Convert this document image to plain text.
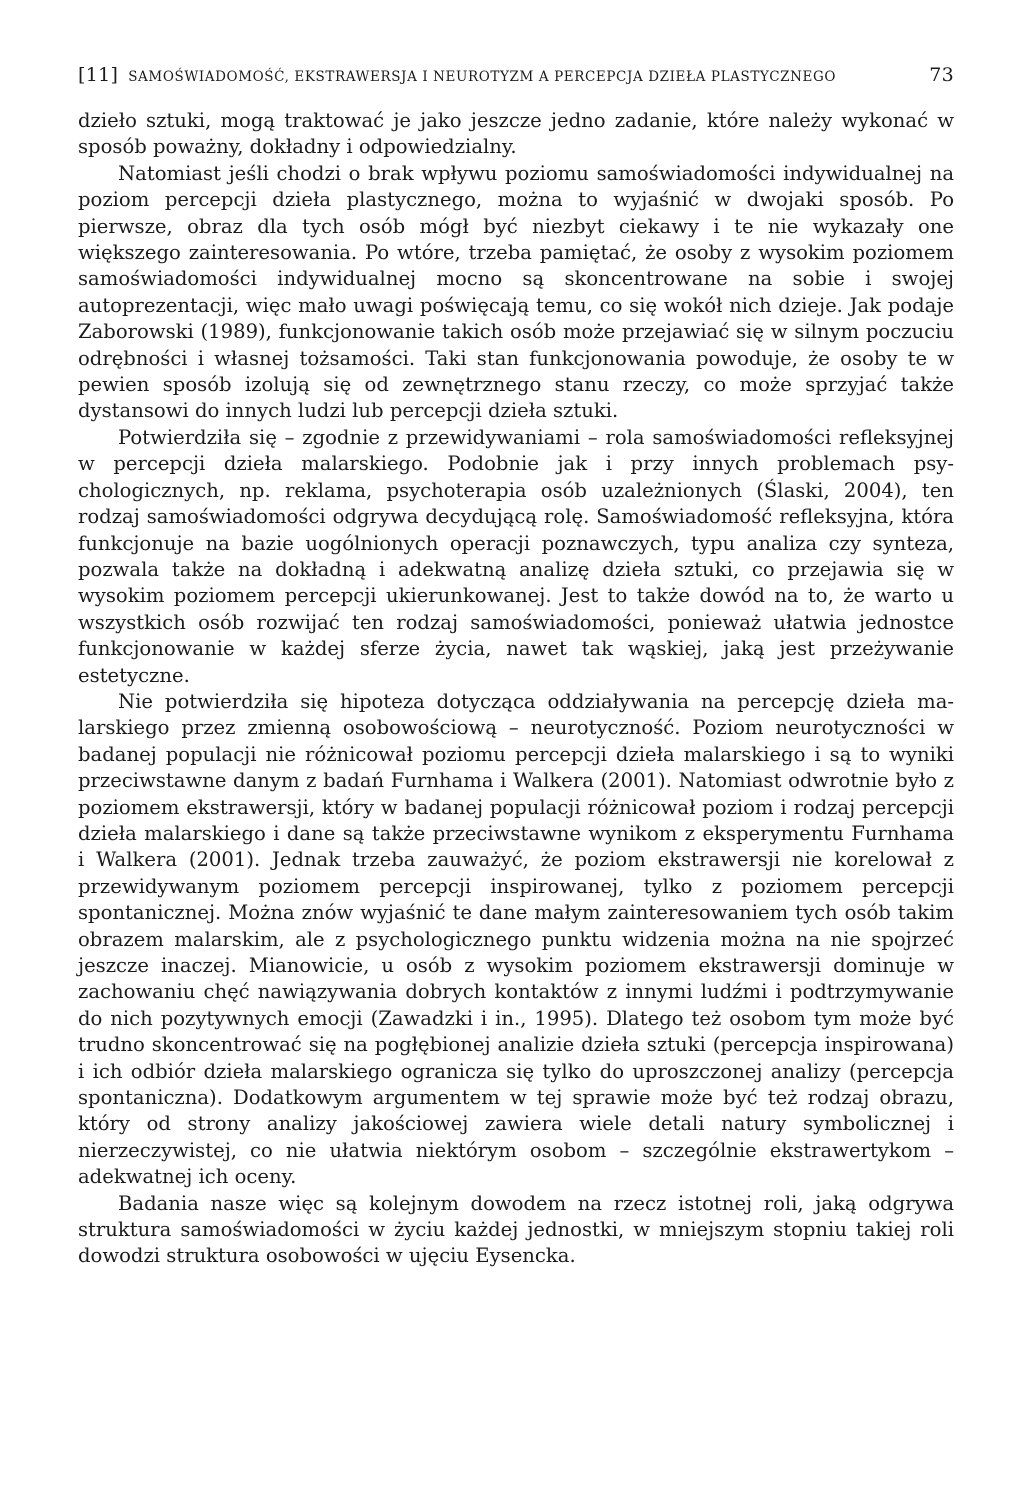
[11] SAMOŚWIADOMOŚĆ, EKSTRAWERSJA I NEUROTYZM A PERCEPCJA DZIEŁA PLASTYCZNEGO	73

dzieło sztuki, mogą traktować je jako jeszcze jedno zadanie, które należy wykonać w sposób poważny, dokładny i odpowiedzialny.

Natomiast jeśli chodzi o brak wpływu poziomu samoświadomości indywidualnej na poziom percepcji dzieła plastycznego, można to wyjaśnić w dwojaki sposób. Po pierwsze, obraz dla tych osób mógł być niezbyt ciekawy i te nie wykazały one większego zainteresowania. Po wtóre, trzeba pamiętać, że osoby z wysokim poziomem samoświadomości indywidualnej mocno są skoncentrowane na sobie i swojej autoprezentacji, więc mało uwagi poświęcają temu, co się wokół nich dzieje. Jak podaje Zaborowski (1989), funkcjonowanie takich osób może przejawiać się w silnym poczuciu odrębności i własnej tożsamości. Taki stan funkcjonowania powoduje, że osoby te w pewien sposób izolują się od zewnętrznego stanu rzeczy, co może sprzyjać także dystansowi do innych ludzi lub percepcji dzieła sztuki.

Potwierdziła się – zgodnie z przewidywaniami – rola samoświadomości refleksyjnej w percepcji dzieła malarskiego. Podobnie jak i przy innych problemach psychologicznych, np. reklama, psychoterapia osób uzależnionych (Ślaski, 2004), ten rodzaj samoświadomości odgrywa decydującą rolę. Samoświadomość refleksyjna, która funkcjonuje na bazie uogólnionych operacji poznawczych, typu analiza czy synteza, pozwala także na dokładną i adekwatną analizę dzieła sztuki, co przejawia się w wysokim poziomem percepcji ukierunkowanej. Jest to także dowód na to, że warto u wszystkich osób rozwijać ten rodzaj samoświadomości, ponieważ ułatwia jednostce funkcjonowanie w każdej sferze życia, nawet tak wąskiej, jaką jest przeżywanie estetyczne.

Nie potwierdziła się hipoteza dotycząca oddziaływania na percepcję dzieła malarskiego przez zmienną osobowościową – neurotyczność. Poziom neurotyczności w badanej populacji nie różnicował poziomu percepcji dzieła malarskiego i są to wyniki przeciwstawne danym z badań Furnhama i Walkera (2001). Natomiast odwrotnie było z poziomem ekstrawersji, który w badanej populacji różnicował poziom i rodzaj percepcji dzieła malarskiego i dane są także przeciwstawne wynikom z eksperymentu Furnhama i Walkera (2001). Jednak trzeba zauważyć, że poziom ekstrawersji nie korelował z przewidywanym poziomem percepcji inspirowanej, tylko z poziomem percepcji spontanicznej. Można znów wyjaśnić te dane małym zainteresowaniem tych osób takim obrazem malarskim, ale z psychologicznego punktu widzenia można na nie spojrzeć jeszcze inaczej. Mianowicie, u osób z wysokim poziomem ekstrawersji dominuje w zachowaniu chęć nawiązywania dobrych kontaktów z innymi ludźmi i podtrzymywanie do nich pozytywnych emocji (Zawadzki i in., 1995). Dlatego też osobom tym może być trudno skoncentrować się na pogłębionej analizie dzieła sztuki (percepcja inspirowana) i ich odbiór dzieła malarskiego ogranicza się tylko do uproszczonej analizy (percepcja spontaniczna). Dodatkowym argumentem w tej sprawie może być też rodzaj obrazu, który od strony analizy jakościowej zawiera wiele detali natury symbolicznej i nierzeczywistej, co nie ułatwia niektórym osobom – szczególnie ekstrawertykom – adekwatnej ich oceny.

Badania nasze więc są kolejnym dowodem na rzecz istotnej roli, jaką odgrywa struktura samoświadomości w życiu każdej jednostki, w mniejszym stopniu takiej roli dowodzi struktura osobowości w ujęciu Eysencka.
